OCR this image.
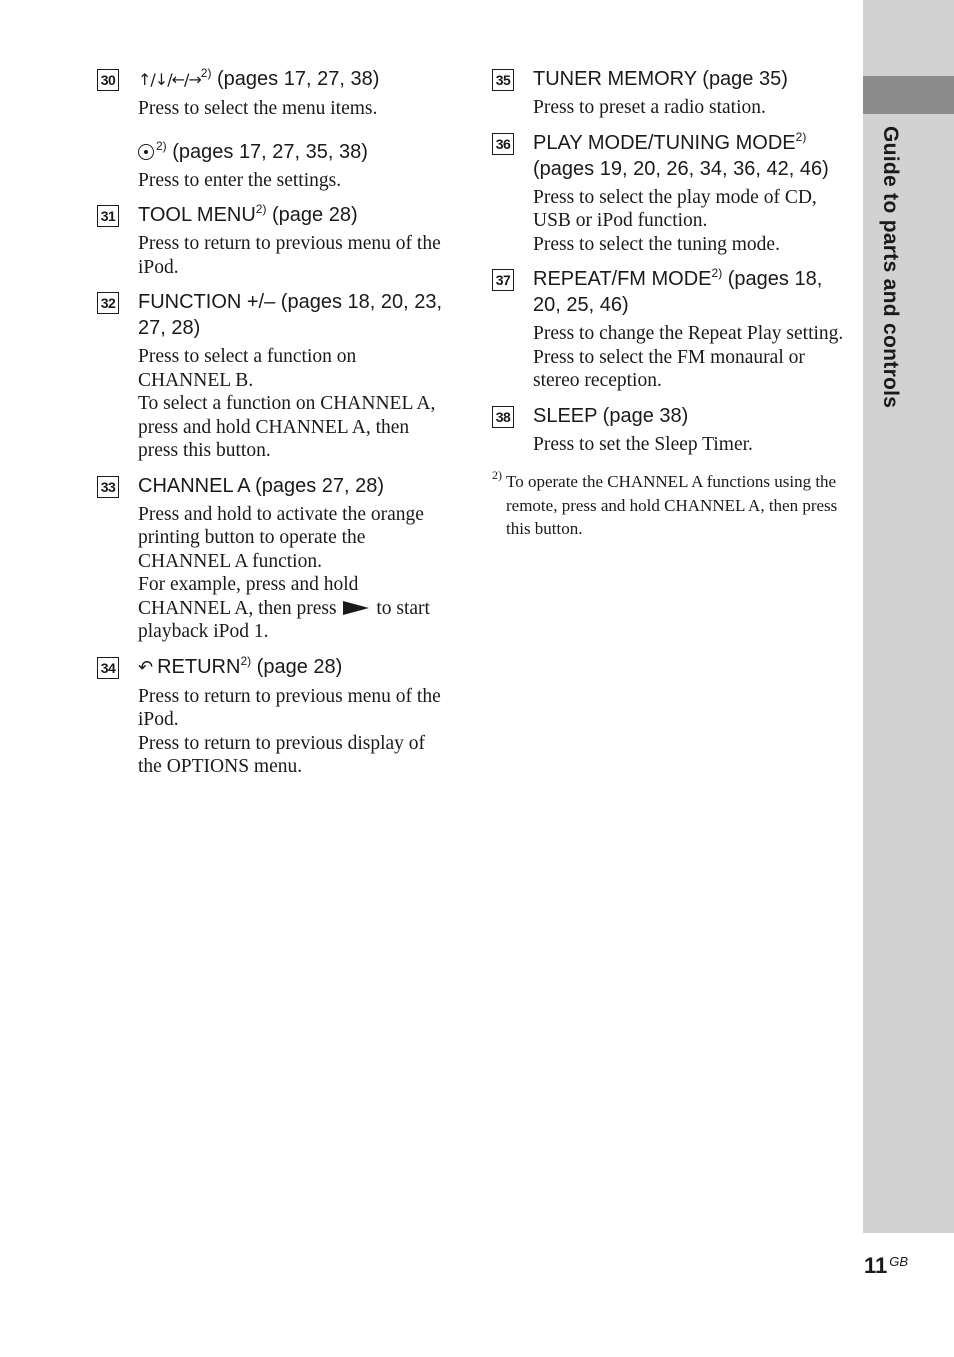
Guide to parts and controls
30 ↑/↓/←/→$^{2)}$ (pages 17, 27, 38)
Press to select the menu items.
$^{2)}$ (pages 17, 27, 35, 38)
Press to enter the settings.
31 TOOL MENU$^{2)}$ (page 28)
Press to return to previous menu of the iPod.
32 FUNCTION +/– (pages 18, 20, 23, 27, 28)
Press to select a function on CHANNEL B.
To select a function on CHANNEL A, press and hold CHANNEL A, then press this button.
33 CHANNEL A (pages 27, 28)
Press and hold to activate the orange printing button to operate the CHANNEL A function.
For example, press and hold CHANNEL A, then press to start playback iPod 1.
34 ↶ RETURN$^{2)}$ (page 28)
Press to return to previous menu of the iPod.
Press to return to previous display of the OPTIONS menu.
35 TUNER MEMORY (page 35)
Press to preset a radio station.
36 PLAY MODE/TUNING MODE$^{2)}$ (pages 19, 20, 26, 34, 36, 42, 46)
Press to select the play mode of CD, USB or iPod function.
Press to select the tuning mode.
37 REPEAT/FM MODE$^{2)}$ (pages 18, 20, 25, 46)
Press to change the Repeat Play setting.
Press to select the FM monaural or stereo reception.
38 SLEEP (page 38)
Press to set the Sleep Timer.
2) To operate the CHANNEL A functions using the remote, press and hold CHANNEL A, then press this button.
11 $^{GB}$
